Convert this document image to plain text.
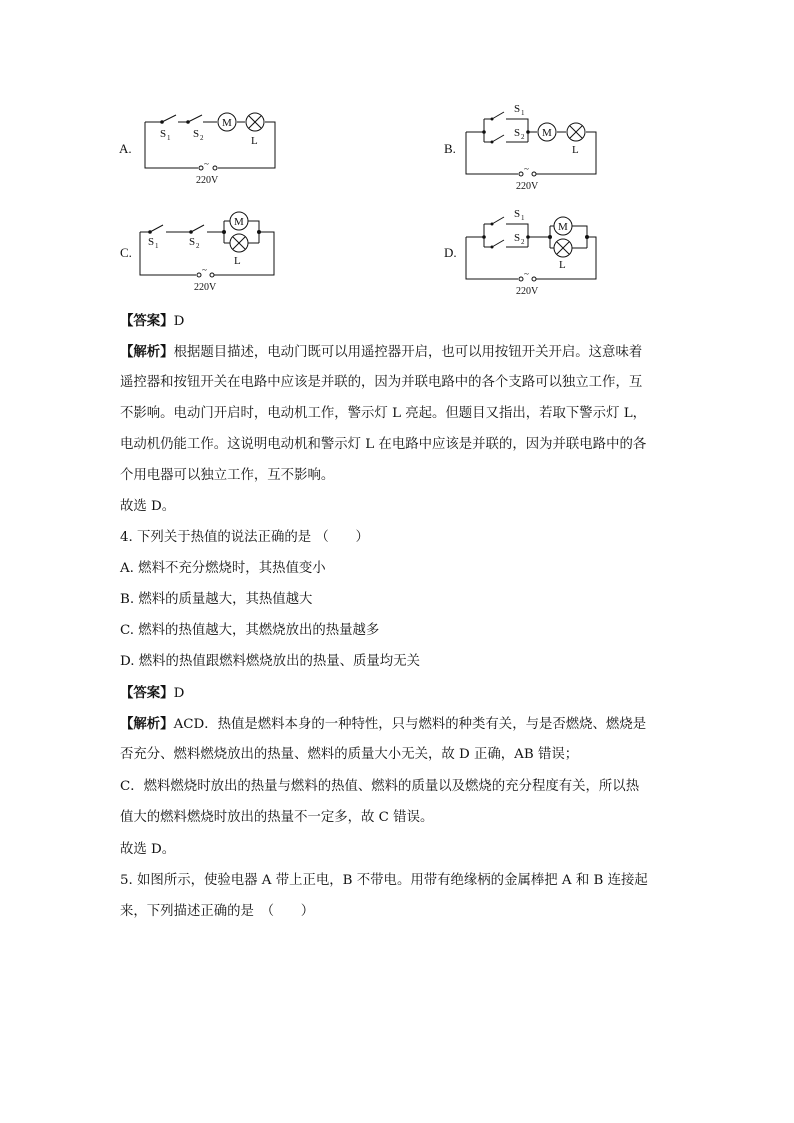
A.
M
S 1 S 2	L
~
220V
B.
M
S 1
S 2
L
~
220V
C.
M
S 1	S 2
L
~
220V
D.
M
S 1
S 2
L
~
220V
【答案】D
【解析】根据题目描述，电动门既可以用遥控器开启，也可以用按钮开关开启。这意味着
遥控器和按钮开关在电路中应该是并联的，因为并联电路中的各个支路可以独立工作，互
不影响。电动门开启时，电动机工作，警示灯 L 亮起。但题目又指出，若取下警示灯 L，
电动机仍能工作。这说明电动机和警示灯 L 在电路中应该是并联的，因为并联电路中的各
个用电器可以独立工作，互不影响。
故选 D。
4. 下列关于热值的说法正确的是 （　　）
A. 燃料不充分燃烧时，其热值变小
B. 燃料的质量越大，其热值越大
C. 燃料的热值越大，其燃烧放出的热量越多
D. 燃料的热值跟燃料燃烧放出的热量、质量均无关
【答案】D
【解析】ACD．热值是燃料本身的一种特性，只与燃料的种类有关，与是否燃烧、燃烧是
否充分、燃料燃烧放出的热量、燃料的质量大小无关，故 D 正确，AB 错误；
C．燃料燃烧时放出的热量与燃料的热值、燃料的质量以及燃烧的充分程度有关，所以热
值大的燃料燃烧时放出的热量不一定多，故 C 错误。
故选 D。
5. 如图所示，使验电器 A 带上正电，B 不带电。用带有绝缘柄的金属棒把 A 和 B 连接起
来，下列描述正确的是　（　　）
